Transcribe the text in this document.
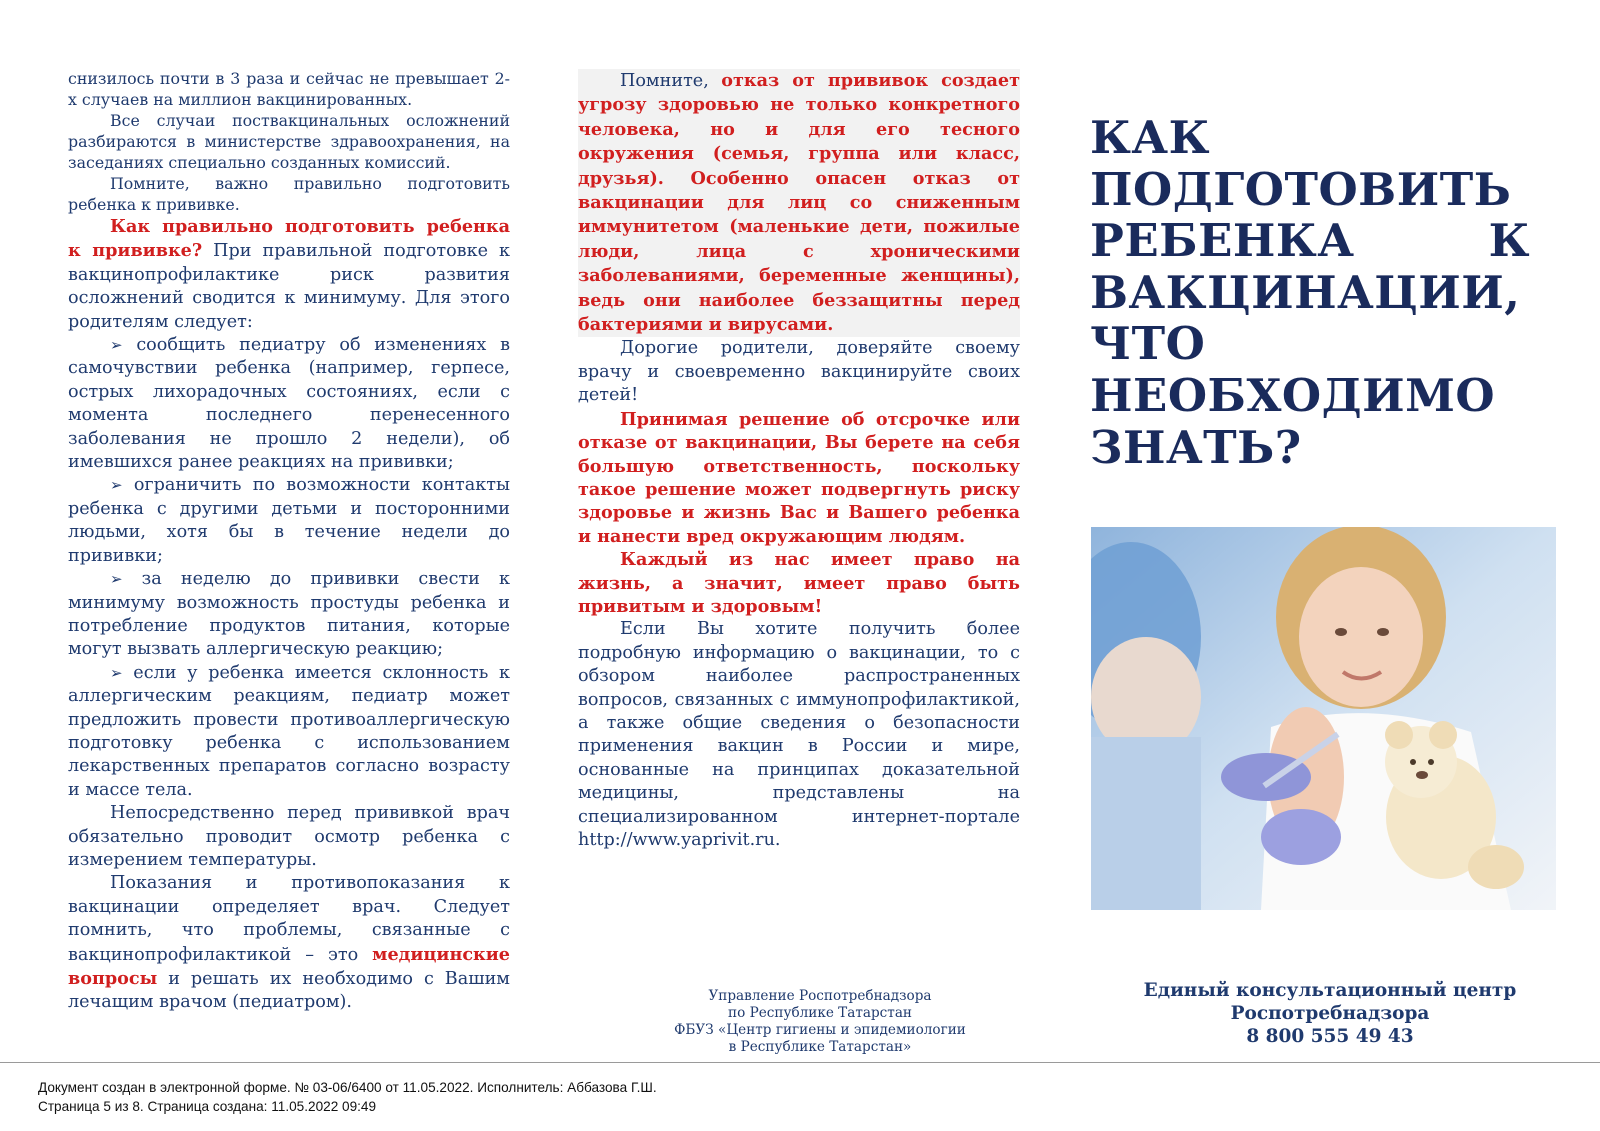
снизилось почти в 3 раза и сейчас не превышает 2-х случаев на миллион вакцинированных.

Все случаи поствакцинальных осложнений разбираются в министерстве здравоохранения, на заседаниях специально созданных комиссий.

Помните, важно правильно подготовить ребенка к прививке.

Как правильно подготовить ребенка к прививке? При правильной подготовке к вакцинопрофилактике риск развития осложнений сводится к минимуму. Для этого родителям следует:

➢ сообщить педиатру об изменениях в самочувствии ребенка (например, герпесе, острых лихорадочных состояниях, если с момента последнего перенесенного заболевания не прошло 2 недели), об имевшихся ранее реакциях на прививки;

➢ ограничить по возможности контакты ребенка с другими детьми и посторонними людьми, хотя бы в течение недели до прививки;

➢ за неделю до прививки свести к минимуму возможность простуды ребенка и потребление продуктов питания, которые могут вызвать аллергическую реакцию;

➢ если у ребенка имеется склонность к аллергическим реакциям, педиатр может предложить провести противоаллергическую подготовку ребенка с использованием лекарственных препаратов согласно возрасту и массе тела.

Непосредственно перед прививкой врач обязательно проводит осмотр ребенка с измерением температуры.

Показания и противопоказания к вакцинации определяет врач. Следует помнить, что проблемы, связанные с вакцинопрофилактикой – это медицинские вопросы и решать их необходимо с Вашим лечащим врачом (педиатром).

Помните, отказ от прививок создает угрозу здоровью не только конкретного человека, но и для его тесного окружения (семья, группа или класс, друзья). Особенно опасен отказ от вакцинации для лиц со сниженным иммунитетом (маленькие дети, пожилые люди, лица с хроническими заболеваниями, беременные женщины), ведь они наиболее беззащитны перед бактериями и вирусами.

Дорогие родители, доверяйте своему врачу и своевременно вакцинируйте своих детей!

Принимая решение об отсрочке или отказе от вакцинации, Вы берете на себя большую ответственность, поскольку такое решение может подвергнуть риску здоровье и жизнь Вас и Вашего ребенка и нанести вред окружающим людям.

Каждый из нас имеет право на жизнь, а значит, имеет право быть привитым и здоровым!

Если Вы хотите получить более подробную информацию о вакцинации, то с обзором наиболее распространенных вопросов, связанных с иммунопрофилактикой, а также общие сведения о безопасности применения вакцин в России и мире, основанные на принципах доказательной медицины, представлены на специализированном интернет-портале http://www.yaprivit.ru.

КАК
ПОДГОТОВИТЬ
РЕБЕНКА	К
ВАКЦИНАЦИИ,
ЧТО
НЕОБХОДИМО
ЗНАТЬ?
Управление Роспотребнадзора
по Республике Татарстан
ФБУЗ «Центр гигиены и эпидемиологии
в Республике Татарстан»
Единый консультационный центр
Роспотребнадзора
8 800 555 49 43
Документ создан в электронной форме. № 03-06/6400 от 11.05.2022. Исполнитель: Аббазова Г.Ш.
Страница 5 из 8. Страница создана: 11.05.2022 09:49
